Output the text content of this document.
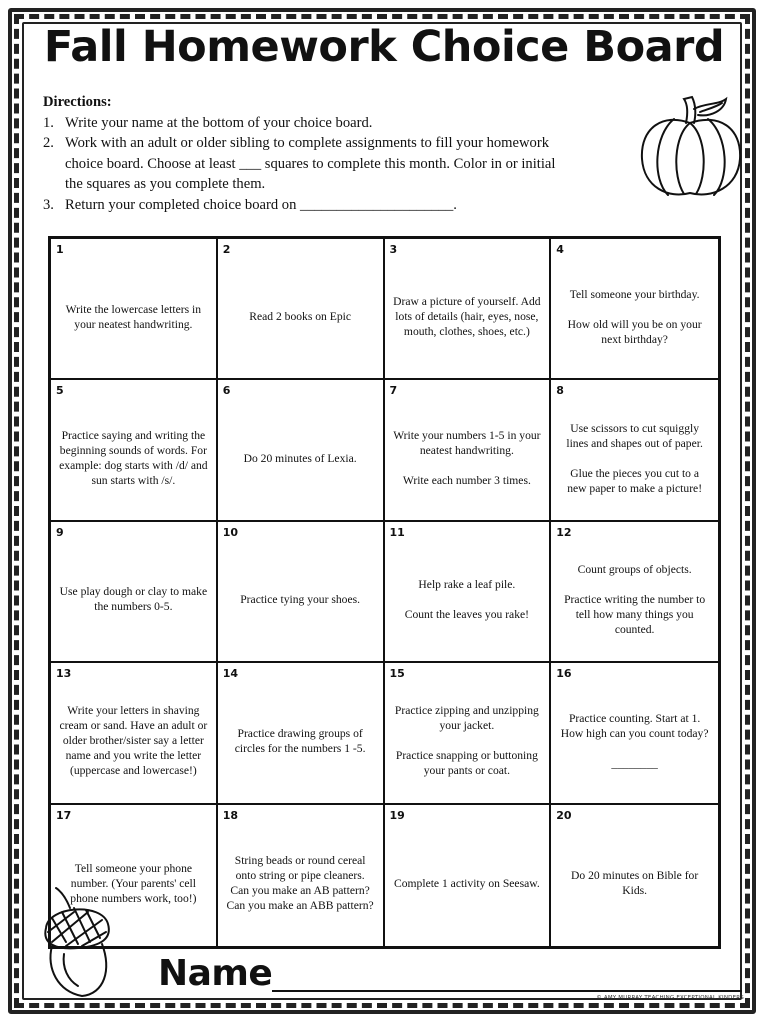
Fall Homework Choice Board
Directions:
1. Write your name at the bottom of your choice board.
2. Work with an adult or older sibling to complete assignments to fill your homework choice board. Choose at least ___ squares to complete this month. Color in or initial the squares as you complete them.
3. Return your completed choice board on _____________________.
1
Write the lowercase letters in your neatest handwriting.
2
Read 2 books on Epic
3
Draw a picture of yourself. Add lots of details (hair, eyes, nose, mouth, clothes, shoes, etc.)
4
Tell someone your birthday.

How old will you be on your next birthday?
5
Practice saying and writing the beginning sounds of words. For example: dog starts with /d/ and sun starts with /s/.
6
Do 20 minutes of Lexia.
7
Write your numbers 1-5 in your neatest handwriting.

Write each number 3 times.
8
Use scissors to cut squiggly lines and shapes out of paper.

Glue the pieces you cut to a new paper to make a picture!
9
Use play dough or clay to make the numbers 0-5.
10
Practice tying your shoes.
11
Help rake a leaf pile.

Count the leaves you rake!
12
Count groups of objects.

Practice writing the number to tell how many things you counted.
13
Write your letters in shaving cream or sand. Have an adult or older brother/sister say a letter name and you write the letter (uppercase and lowercase!)
14
Practice drawing groups of circles for the numbers 1 -5.
15
Practice zipping and unzipping your jacket.

Practice snapping or buttoning your pants or coat.
16
Practice counting. Start at 1.
How high can you count today?

________
17
Tell someone your phone number. (Your parents' cell phone numbers work, too!)
18
String beads or round cereal onto string or pipe cleaners. Can you make an AB pattern? Can you make an ABB pattern?
19
Complete 1 activity on Seesaw.
20
Do 20 minutes on Bible for Kids.
Name
© AMY MURRAY TEACHING EXCEPTIONAL KINDERS
